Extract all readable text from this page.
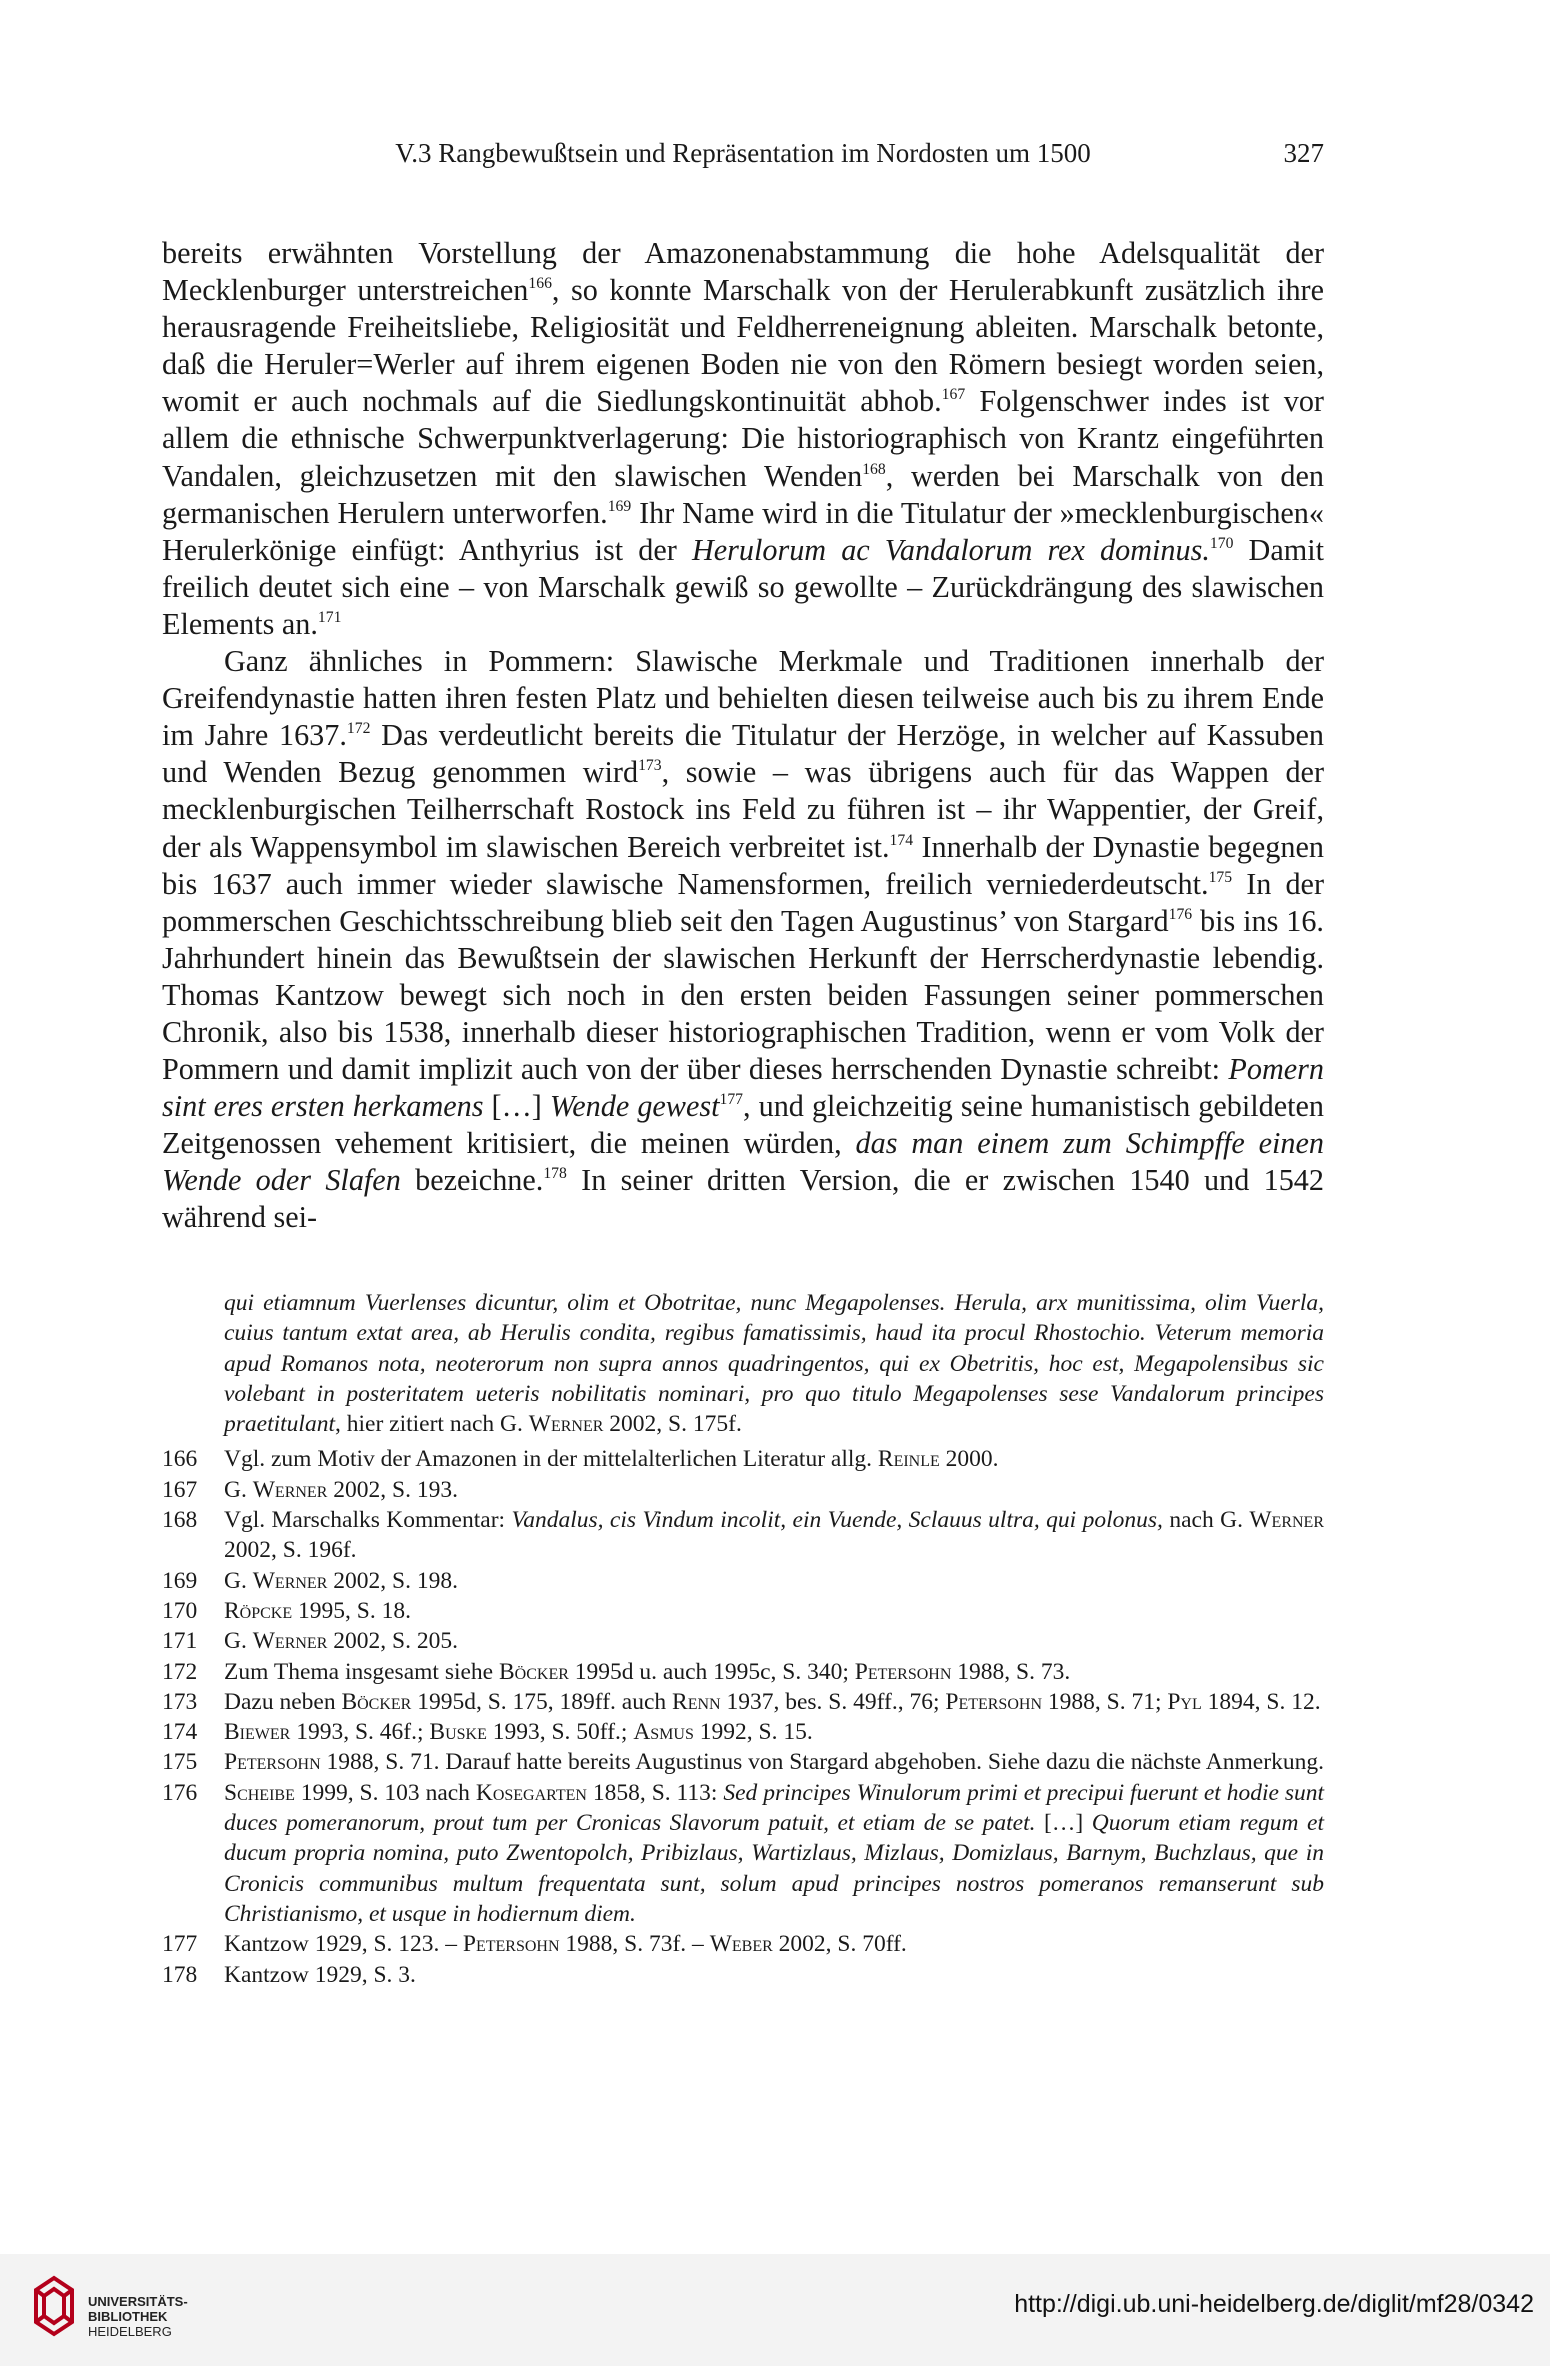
V.3 Rangbewußtsein und Repräsentation im Nordosten um 1500	327

bereits erwähnten Vorstellung der Amazonenabstammung die hohe Adelsqualität der Mecklenburger unterstreichen$^{166}$, so konnte Marschalk von der Herulerabkunft zusätzlich ihre herausragende Freiheitsliebe, Religiosität und Feldherreneignung ableiten. Marschalk betonte, daß die Heruler=Werler auf ihrem eigenen Boden nie von den Römern besiegt worden seien, womit er auch nochmals auf die Siedlungskontinuität abhob.$^{167}$ Folgenschwer indes ist vor allem die ethnische Schwerpunktverlagerung: Die historiographisch von Krantz eingeführten Vandalen, gleichzusetzen mit den slawischen Wenden$^{168}$, werden bei Marschalk von den germanischen Herulern unterworfen.$^{169}$ Ihr Name wird in die Titulatur der »mecklenburgischen« Herulerkönige einfügt: Anthyrius ist der Herulorum ac Vandalorum rex dominus.$^{170}$ Damit freilich deutet sich eine – von Marschalk gewiß so gewollte – Zurückdrängung des slawischen Elements an.$^{171}$

Ganz ähnliches in Pommern: Slawische Merkmale und Traditionen innerhalb der Greifendynastie hatten ihren festen Platz und behielten diesen teilweise auch bis zu ihrem Ende im Jahre 1637.$^{172}$ Das verdeutlicht bereits die Titulatur der Herzöge, in welcher auf Kassuben und Wenden Bezug genommen wird$^{173}$, sowie – was übrigens auch für das Wappen der mecklenburgischen Teilherrschaft Rostock ins Feld zu führen ist – ihr Wappentier, der Greif, der als Wappensymbol im slawischen Bereich verbreitet ist.$^{174}$ Innerhalb der Dynastie begegnen bis 1637 auch immer wieder slawische Namensformen, freilich verniederdeutscht.$^{175}$ In der pommerschen Geschichtsschreibung blieb seit den Tagen Augustinus’ von Stargard$^{176}$ bis ins 16. Jahrhundert hinein das Bewußtsein der slawischen Herkunft der Herrscherdynastie lebendig. Thomas Kantzow bewegt sich noch in den ersten beiden Fassungen seiner pommerschen Chronik, also bis 1538, innerhalb dieser historiographischen Tradition, wenn er vom Volk der Pommern und damit implizit auch von der über dieses herrschenden Dynastie schreibt: Pomern sint eres ersten herkamens […] Wende gewest$^{177}$, und gleichzeitig seine humanistisch gebildeten Zeitgenossen vehement kritisiert, die meinen würden, das man einem zum Schimpffe einen Wende oder Slafen bezeichne.$^{178}$ In seiner dritten Version, die er zwischen 1540 und 1542 während sei-

qui etiamnum Vuerlenses dicuntur, olim et Obotritae, nunc Megapolenses. Herula, arx munitissima, olim Vuerla, cuius tantum extat area, ab Herulis condita, regibus famatissimis, haud ita procul Rhostochio. Veterum memoria apud Romanos nota, neoterorum non supra annos quadringentos, qui ex Obetritis, hoc est, Megapolensibus sic volebant in posteritatem ueteris nobilitatis nominari, pro quo titulo Megapolenses sese Vandalorum principes praetitulant, hier zitiert nach G. Werner 2002, S. 175f.

166 Vgl. zum Motiv der Amazonen in der mittelalterlichen Literatur allg. Reinle 2000.

167 G. Werner 2002, S. 193.

168 Vgl. Marschalks Kommentar: Vandalus, cis Vindum incolit, ein Vuende, Sclauus ultra, qui polonus, nach G. Werner 2002, S. 196f.

169 G. Werner 2002, S. 198.

170 Röpcke 1995, S. 18.

171 G. Werner 2002, S. 205.

172 Zum Thema insgesamt siehe Böcker 1995d u. auch 1995c, S. 340; Petersohn 1988, S. 73.

173 Dazu neben Böcker 1995d, S. 175, 189ff. auch Renn 1937, bes. S. 49ff., 76; Petersohn 1988, S. 71; Pyl 1894, S. 12.

174 Biewer 1993, S. 46f.; Buske 1993, S. 50ff.; Asmus 1992, S. 15.

175 Petersohn 1988, S. 71. Darauf hatte bereits Augustinus von Stargard abgehoben. Siehe dazu die nächste Anmerkung.

176 Scheibe 1999, S. 103 nach Kosegarten 1858, S. 113: Sed principes Winulorum primi et precipui fuerunt et hodie sunt duces pomeranorum, prout tum per Cronicas Slavorum patuit, et etiam de se patet. […] Quorum etiam regum et ducum propria nomina, puto Zwentopolch, Pribizlaus, Wartizlaus, Mizlaus, Domizlaus, Barnym, Buchzlaus, que in Cronicis communibus multum frequentata sunt, solum apud principes nostros pomeranos remanserunt sub Christianismo, et usque in hodiernum diem.

177 Kantzow 1929, S. 123. – Petersohn 1988, S. 73f. – Weber 2002, S. 70ff.

178 Kantzow 1929, S. 3.

UNIVERSITÄTS-
BIBLIOTHEK
HEIDELBERG
http://digi.ub.uni-heidelberg.de/diglit/mf28/0342
